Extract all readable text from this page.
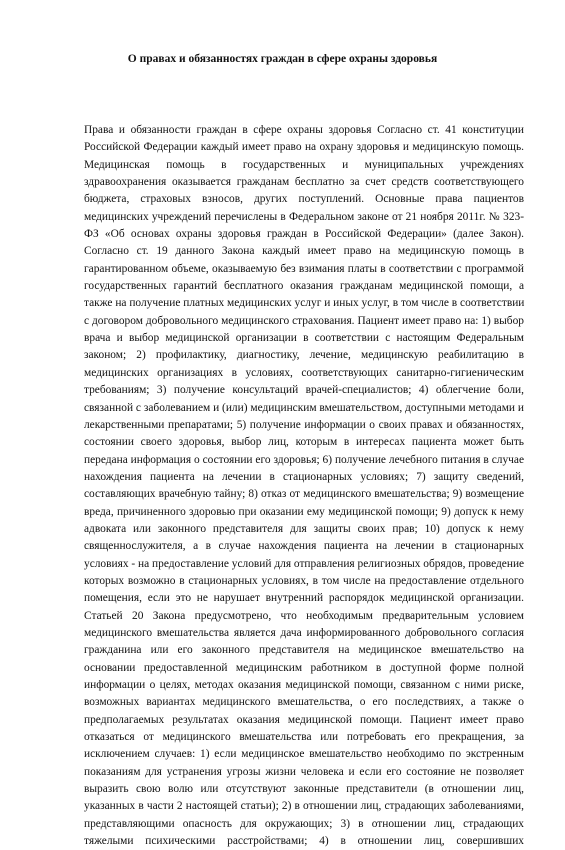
О правах и обязанностях граждан в сфере охраны здоровья
Права и обязанности граждан в сфере охраны здоровья Согласно ст. 41 конституции
Российской Федерации каждый имеет право на охрану здоровья и медицинскую помощь.
Медицинская помощь в государственных и муниципальных учреждениях
здравоохранения оказывается гражданам бесплатно за счет средств соответствующего
бюджета, страховых взносов, других поступлений. Основные права пациентов
медицинских учреждений перечислены в Федеральном законе от 21 ноября 2011г. № 323-
ФЗ «Об основах охраны здоровья граждан в Российской Федерации» (далее Закон).
Согласно ст. 19 данного Закона каждый имеет право на медицинскую помощь в
гарантированном объеме, оказываемую без взимания платы в соответствии с программой
государственных гарантий бесплатного оказания гражданам медицинской помощи, а
также на получение платных медицинских услуг и иных услуг, в том числе в соответствии
с договором добровольного медицинского страхования. Пациент имеет право на: 1) выбор
врача и выбор медицинской организации в соответствии с настоящим Федеральным
законом; 2) профилактику, диагностику, лечение, медицинскую реабилитацию в
медицинских организациях в условиях, соответствующих санитарно-гигиеническим
требованиям; 3) получение консультаций врачей-специалистов; 4) облегчение боли,
связанной с заболеванием и (или) медицинским вмешательством, доступными методами и
лекарственными препаратами; 5) получение информации о своих правах и обязанностях,
состоянии своего здоровья, выбор лиц, которым в интересах пациента может быть
передана информация о состоянии его здоровья; 6) получение лечебного питания в случае
нахождения пациента на лечении в стационарных условиях; 7) защиту сведений,
составляющих врачебную тайну; 8) отказ от медицинского вмешательства; 9) возмещение
вреда, причиненного здоровью при оказании ему медицинской помощи; 9) допуск к нему
адвоката или законного представителя для защиты своих прав; 10) допуск к нему
священнослужителя, а в случае нахождения пациента на лечении в стационарных
условиях - на предоставление условий для отправления религиозных обрядов, проведение
которых возможно в стационарных условиях, в том числе на предоставление отдельного
помещения, если это не нарушает внутренний распорядок медицинской организации.
Статьей 20 Закона предусмотрено, что необходимым предварительным условием
медицинского вмешательства является дача информированного добровольного согласия
гражданина или его законного представителя на медицинское вмешательство на
основании предоставленной медицинским работником в доступной форме полной
информации о целях, методах оказания медицинской помощи, связанном с ними риске,
возможных вариантах медицинского вмешательства, о его последствиях, а также о
предполагаемых результатах оказания медицинской помощи. Пациент имеет право
отказаться от медицинского вмешательства или потребовать его прекращения, за
исключением случаев: 1) если медицинское вмешательство необходимо по экстренным
показаниям для устранения угрозы жизни человека и если его состояние не позволяет
выразить свою волю или отсутствуют законные представители (в отношении лиц,
указанных в части 2 настоящей статьи); 2) в отношении лиц, страдающих заболеваниями,
представляющими опасность для окружающих; 3) в отношении лиц, страдающих
тяжелыми психическими расстройствами; 4) в отношении лиц, совершивших
